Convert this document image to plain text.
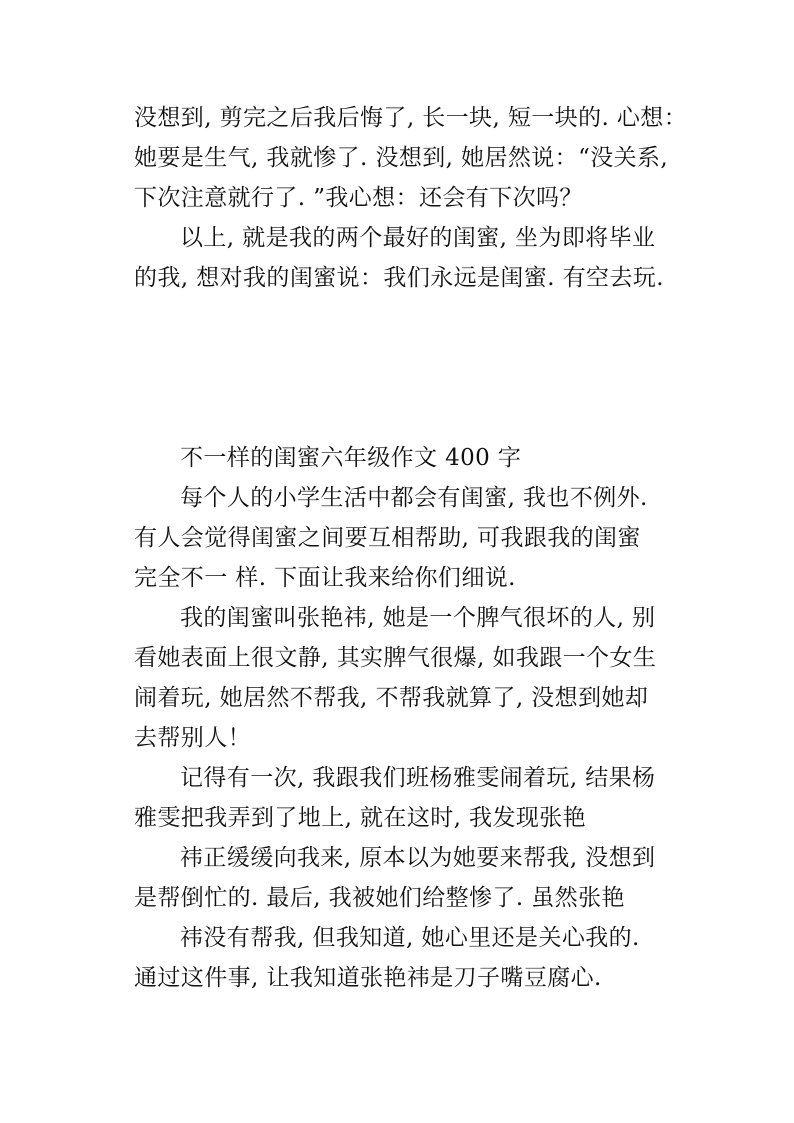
没想到, 剪完之后我后悔了, 长一块, 短一块的. 心想：
她要是生气, 我就惨了. 没想到, 她居然说：“没关系,
下次注意就行了. ”我心想：还会有下次吗？
以上, 就是我的两个最好的闺蜜, 坐为即将毕业
的我, 想对我的闺蜜说：我们永远是闺蜜. 有空去玩.
不一样的闺蜜六年级作文 400 字
每个人的小学生活中都会有闺蜜, 我也不例外.
有人会觉得闺蜜之间要互相帮助, 可我跟我的闺蜜
完全不一 样. 下面让我来给你们细说.
我的闺蜜叫张艳祎, 她是一个脾气很坏的人, 别
看她表面上很文静, 其实脾气很爆, 如我跟一个女生
闹着玩, 她居然不帮我, 不帮我就算了, 没想到她却
去帮别人！
记得有一次, 我跟我们班杨雅雯闹着玩, 结果杨
雅雯把我弄到了地上, 就在这时, 我发现张艳
祎正缓缓向我来, 原本以为她要来帮我, 没想到
是帮倒忙的. 最后, 我被她们给整惨了. 虽然张艳
祎没有帮我, 但我知道, 她心里还是关心我的.
通过这件事, 让我知道张艳祎是刀子嘴豆腐心.
